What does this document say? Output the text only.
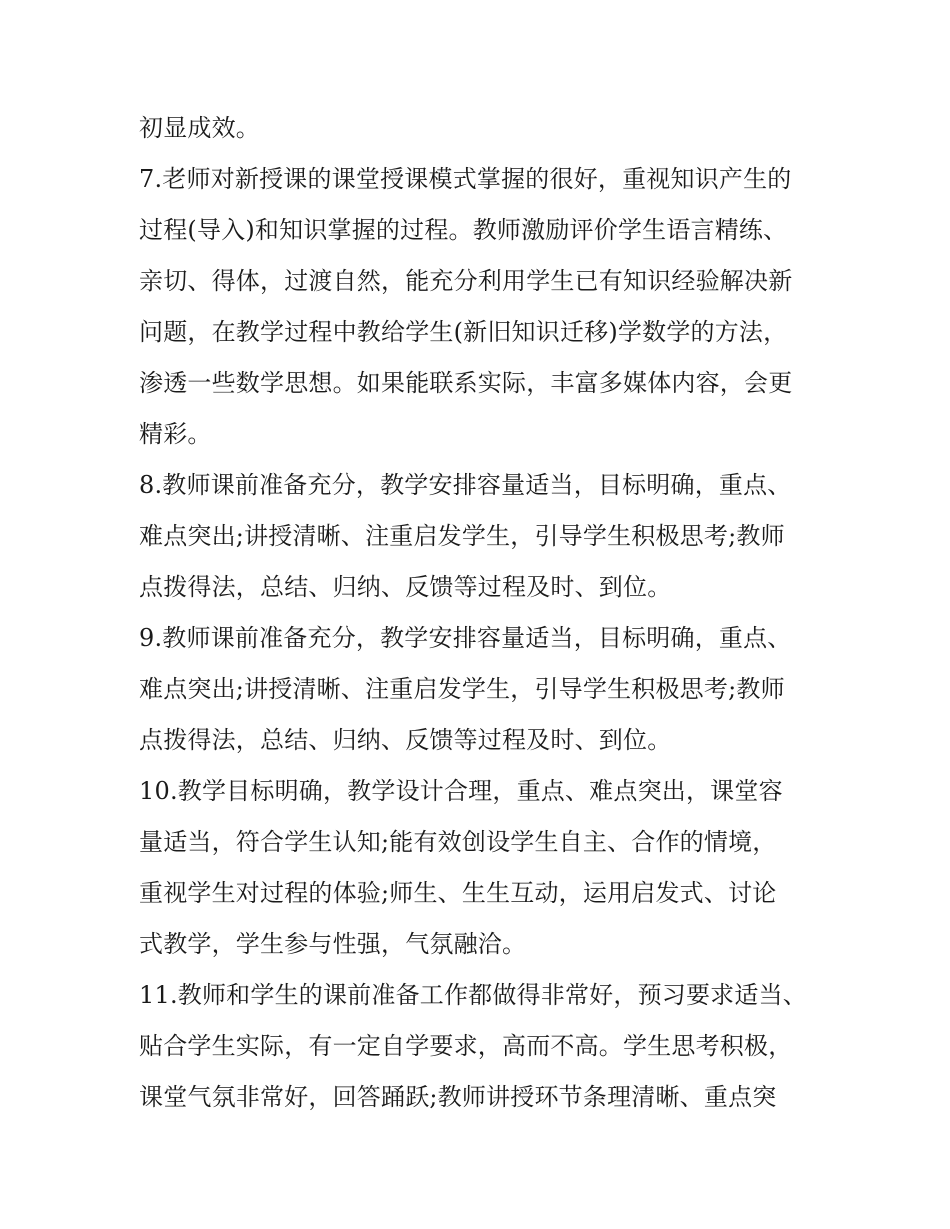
初显成效。
7.老师对新授课的课堂授课模式掌握的很好，重视知识产生的
过程(导入)和知识掌握的过程。教师激励评价学生语言精练、
亲切、得体，过渡自然，能充分利用学生已有知识经验解决新
问题，在教学过程中教给学生(新旧知识迁移)学数学的方法，
渗透一些数学思想。如果能联系实际，丰富多媒体内容，会更
精彩。
8.教师课前准备充分，教学安排容量适当，目标明确，重点、
难点突出;讲授清晰、注重启发学生，引导学生积极思考;教师
点拨得法，总结、归纳、反馈等过程及时、到位。
9.教师课前准备充分，教学安排容量适当，目标明确，重点、
难点突出;讲授清晰、注重启发学生，引导学生积极思考;教师
点拨得法，总结、归纳、反馈等过程及时、到位。
10.教学目标明确，教学设计合理，重点、难点突出，课堂容
量适当，符合学生认知;能有效创设学生自主、合作的情境，
重视学生对过程的体验;师生、生生互动，运用启发式、讨论
式教学，学生参与性强，气氛融洽。
11.教师和学生的课前准备工作都做得非常好，预习要求适当、
贴合学生实际，有一定自学要求，高而不高。学生思考积极，
课堂气氛非常好，回答踊跃;教师讲授环节条理清晰、重点突
